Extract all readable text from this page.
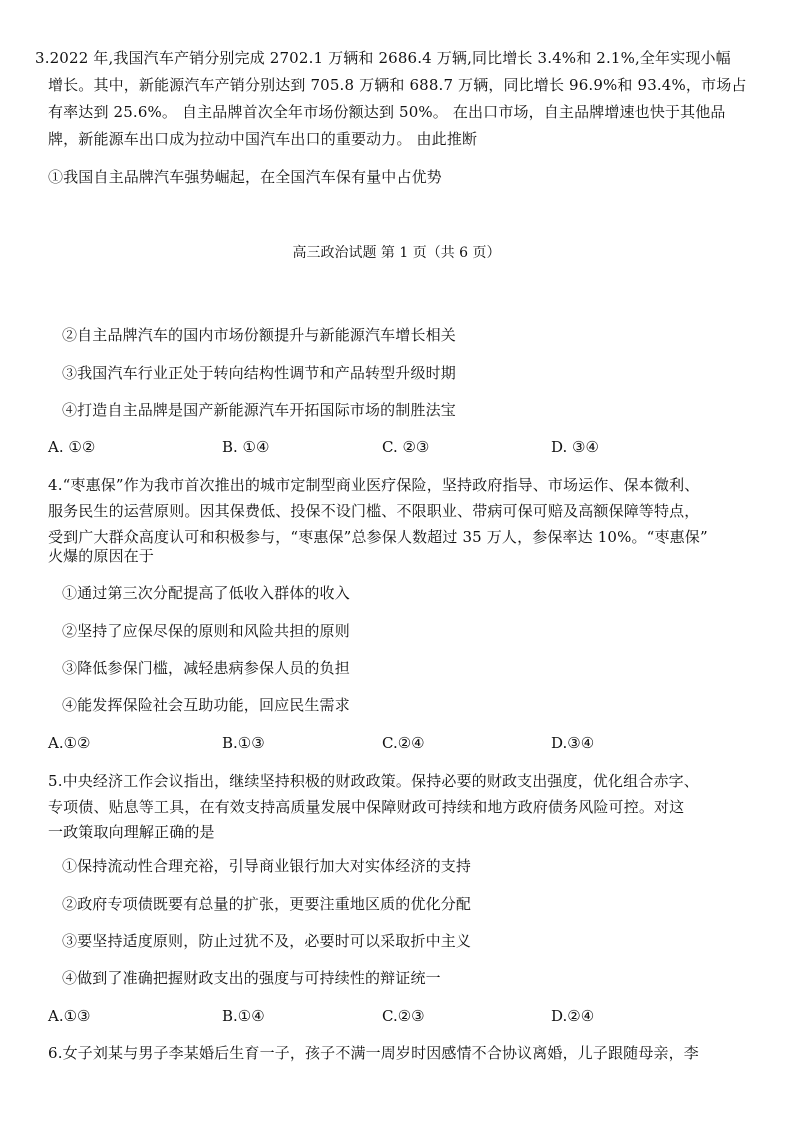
3.2022 年,我国汽车产销分别完成 2702.1 万辆和 2686.4 万辆,同比增长 3.4%和 2.1%,全年实现小幅
增长。其中，新能源汽车产销分别达到 705.8 万辆和 688.7 万辆，同比增长 96.9%和 93.4%，市场占
有率达到 25.6%。 自主品牌首次全年市场份额达到 50%。 在出口市场，自主品牌增速也快于其他品
牌，新能源车出口成为拉动中国汽车出口的重要动力。 由此推断
①我国自主品牌汽车强势崛起，在全国汽车保有量中占优势
高三政治试题 第 1 页（共 6 页）
②自主品牌汽车的国内市场份额提升与新能源汽车增长相关
③我国汽车行业正处于转向结构性调节和产品转型升级时期
④打造自主品牌是国产新能源汽车开拓国际市场的制胜法宝
A. ①②	B. ①④	C. ②③	D. ③④
4.“枣惠保”作为我市首次推出的城市定制型商业医疗保险，坚持政府指导、市场运作、保本微利、
服务民生的运营原则。因其保费低、投保不设门槛、不限职业、带病可保可赔及高额保障等特点，
受到广大群众高度认可和积极参与，“枣惠保”总参保人数超过 35 万人，参保率达 10%。“枣惠保”
火爆的原因在于
①通过第三次分配提高了低收入群体的收入
②坚持了应保尽保的原则和风险共担的原则
③降低参保门槛，减轻患病参保人员的负担
④能发挥保险社会互助功能，回应民生需求
A.①②	B.①③	C.②④	D.③④
5.中央经济工作会议指出，继续坚持积极的财政政策。保持必要的财政支出强度，优化组合赤字、
专项债、贴息等工具，在有效支持高质量发展中保障财政可持续和地方政府债务风险可控。对这
一政策取向理解正确的是
①保持流动性合理充裕，引导商业银行加大对实体经济的支持
②政府专项债既要有总量的扩张，更要注重地区质的优化分配
③要坚持适度原则，防止过犹不及，必要时可以采取折中主义
④做到了准确把握财政支出的强度与可持续性的辩证统一
A.①③	B.①④	C.②③	D.②④
6.女子刘某与男子李某婚后生育一子，孩子不满一周岁时因感情不合协议离婚，儿子跟随母亲，李
